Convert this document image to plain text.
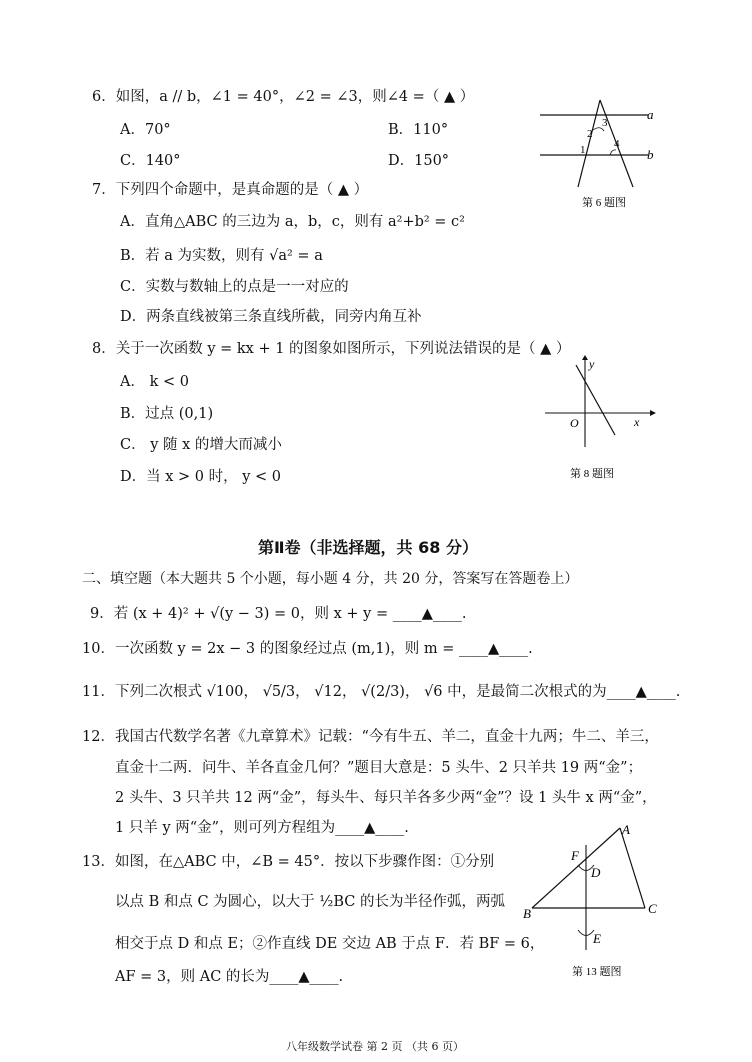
6．如图，a // b，∠1 = 40°，∠2 = ∠3，则∠4 =（ ▲ ）
A．70°	B．110°
C．140°	D．150°
a
b
1
2
3
4
第 6 题图
7．下列四个命题中，是真命题的是（ ▲ ）
A．直角△ABC 的三边为 a，b，c，则有 a²+b² = c²
B．若 a 为实数，则有 √a² = a
C．实数与数轴上的点是一一对应的
D．两条直线被第三条直线所截，同旁内角互补
8．关于一次函数 y = kx + 1 的图象如图所示，下列说法错误的是（ ▲ ）
A． k < 0
B．过点 (0,1)
C． y 随 x 的增大而减小
D．当 x > 0 时， y < 0
y
x
O
第 8 题图
第Ⅱ卷（非选择题，共 68 分）
二、填空题（本大题共 5 个小题，每小题 4 分，共 20 分，答案写在答题卷上）
9．若 (x + 4)² + √(y − 3) = 0，则 x + y = ____▲____.
10．一次函数 y = 2x − 3 的图象经过点 (m,1)，则 m = ____▲____.
11．下列二次根式 √100， √5/3， √12， √(2/3)， √6 中，是最简二次根式的为____▲____.
12．我国古代数学名著《九章算术》记载：“今有牛五、羊二，直金十九两；牛二、羊三，
直金十二两．问牛、羊各直金几何？”题目大意是：5 头牛、2 只羊共 19 两“金”；
2 头牛、3 只羊共 12 两“金”，每头牛、每只羊各多少两“金”？设 1 头牛 x 两“金”，
1 只羊 y 两“金”，则可列方程组为____▲____.
13．如图，在△ABC 中，∠B = 45°．按以下步骤作图：①分别
以点 B 和点 C 为圆心，以大于 ½BC 的长为半径作弧，两弧
相交于点 D 和点 E；②作直线 DE 交边 AB 于点 F．若 BF = 6，
AF = 3，则 AC 的长为____▲____.
A
B	C
D
E
F
第 13 题图
八年级数学试卷 第 2 页 （共 6 页）
